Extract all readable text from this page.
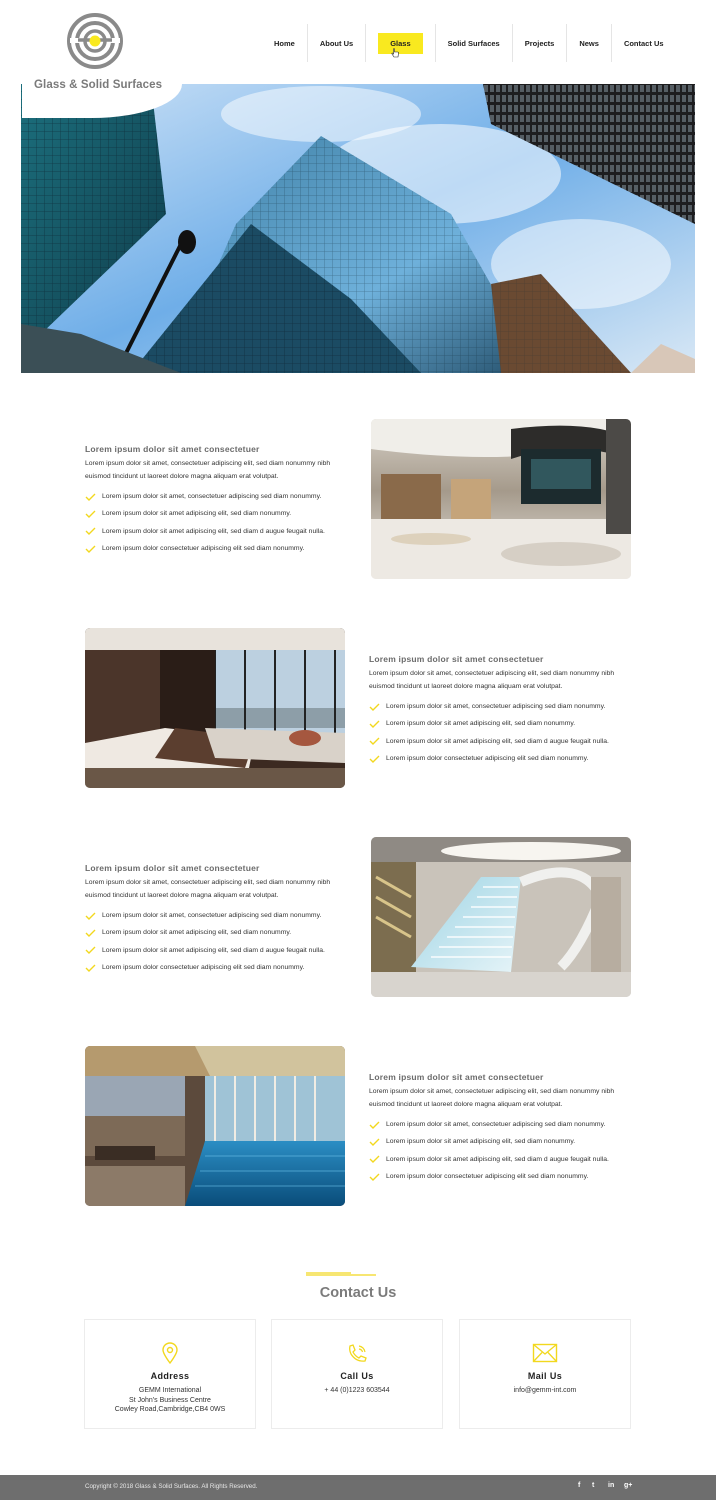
Glass & Solid Surfaces
Home	About Us	Glass	Solid Surfaces	Projects	News	Contact Us
Lorem ipsum dolor sit amet consectetuer
Lorem ipsum dolor sit amet, consectetuer adipiscing elit, sed diam nonummy nibh euismod tincidunt ut laoreet dolore magna aliquam erat volutpat.
Lorem ipsum dolor sit amet, consectetuer adipiscing sed diam nonummy.
Lorem ipsum dolor sit amet adipiscing elit, sed diam nonummy.
Lorem ipsum dolor sit amet adipiscing elit, sed diam d augue feugait nulla.
Lorem ipsum dolor consectetuer adipiscing elit sed diam nonummy.
Lorem ipsum dolor sit amet consectetuer
Lorem ipsum dolor sit amet, consectetuer adipiscing elit, sed diam nonummy nibh euismod tincidunt ut laoreet dolore magna aliquam erat volutpat.
Lorem ipsum dolor sit amet, consectetuer adipiscing sed diam nonummy.
Lorem ipsum dolor sit amet adipiscing elit, sed diam nonummy.
Lorem ipsum dolor sit amet adipiscing elit, sed diam d augue feugait nulla.
Lorem ipsum dolor consectetuer adipiscing elit sed diam nonummy.
Lorem ipsum dolor sit amet consectetuer
Lorem ipsum dolor sit amet, consectetuer adipiscing elit, sed diam nonummy nibh euismod tincidunt ut laoreet dolore magna aliquam erat volutpat.
Lorem ipsum dolor sit amet, consectetuer adipiscing sed diam nonummy.
Lorem ipsum dolor sit amet adipiscing elit, sed diam nonummy.
Lorem ipsum dolor sit amet adipiscing elit, sed diam d augue feugait nulla.
Lorem ipsum dolor consectetuer adipiscing elit sed diam nonummy.
Lorem ipsum dolor sit amet consectetuer
Lorem ipsum dolor sit amet, consectetuer adipiscing elit, sed diam nonummy nibh euismod tincidunt ut laoreet dolore magna aliquam erat volutpat.
Lorem ipsum dolor sit amet, consectetuer adipiscing sed diam nonummy.
Lorem ipsum dolor sit amet adipiscing elit, sed diam nonummy.
Lorem ipsum dolor sit amet adipiscing elit, sed diam d augue feugait nulla.
Lorem ipsum dolor consectetuer adipiscing elit sed diam nonummy.
Contact Us
Address
GEMM International
St John's Business Centre
Cowley Road,Cambridge,CB4 0WS
Call Us
+ 44 (0)1223 603544
Mail Us
info@gemm-int.com
Copyright © 2018 Glass & Solid Surfaces. All Rights Reserved.	f t in g+
